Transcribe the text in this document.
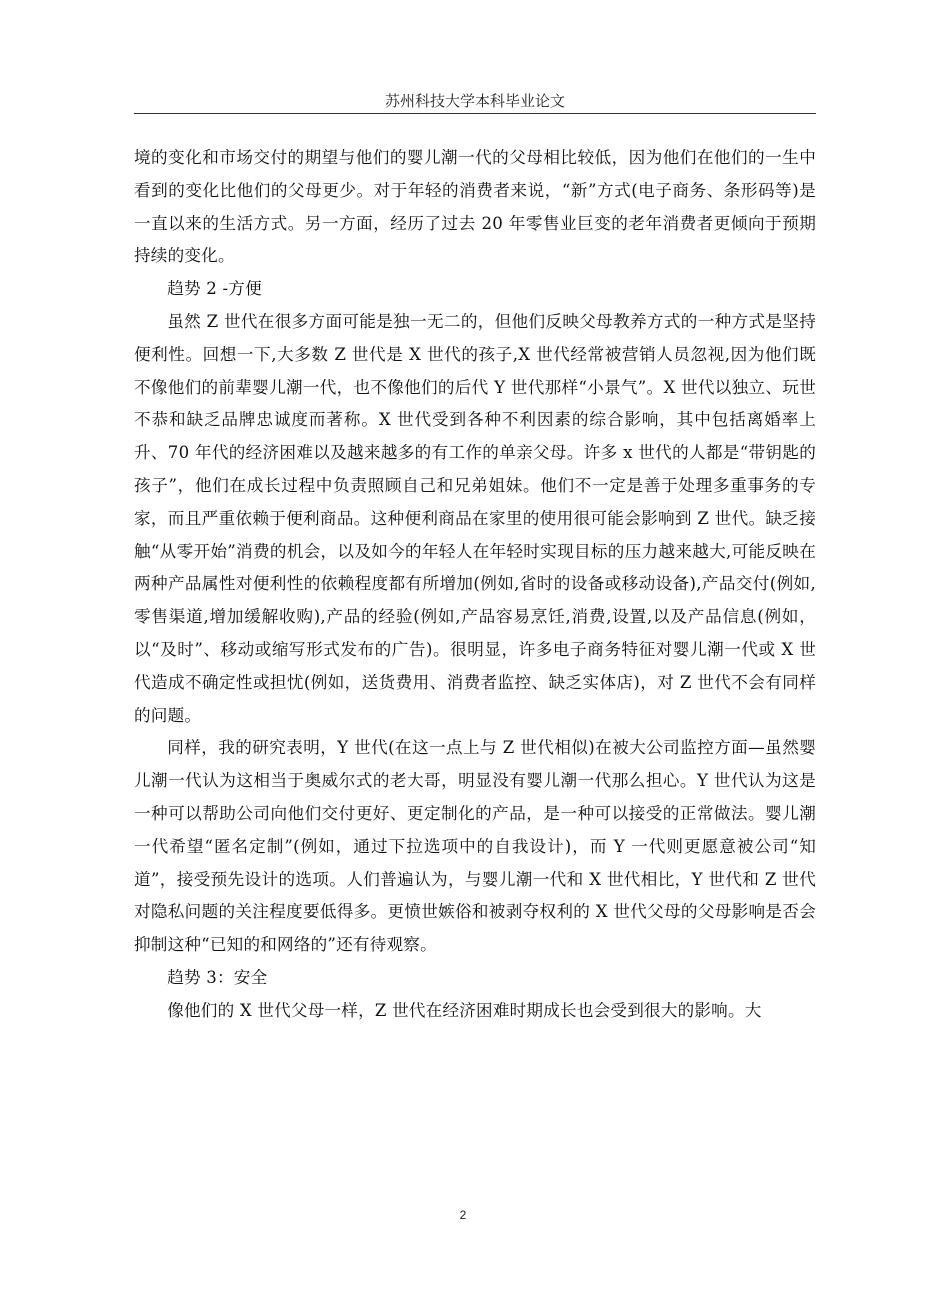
苏州科技大学本科毕业论文

境的变化和市场交付的期望与他们的婴儿潮一代的父母相比较低，因为他们在他们的一生中看到的变化比他们的父母更少。对于年轻的消费者来说，“新”方式(电子商务、条形码等)是一直以来的生活方式。另一方面，经历了过去 20 年零售业巨变的老年消费者更倾向于预期持续的变化。

趋势 2 -方便

虽然 Z 世代在很多方面可能是独一无二的，但他们反映父母教养方式的一种方式是坚持便利性。回想一下,大多数 Z 世代是 X 世代的孩子,X 世代经常被营销人员忽视,因为他们既不像他们的前辈婴儿潮一代，也不像他们的后代 Y 世代那样“小景气”。X 世代以独立、玩世不恭和缺乏品牌忠诚度而著称。X 世代受到各种不利因素的综合影响，其中包括离婚率上升、70 年代的经济困难以及越来越多的有工作的单亲父母。许多 x 世代的人都是“带钥匙的孩子”，他们在成长过程中负责照顾自己和兄弟姐妹。他们不一定是善于处理多重事务的专家，而且严重依赖于便利商品。这种便利商品在家里的使用很可能会影响到 Z 世代。缺乏接触“从零开始”消费的机会，以及如今的年轻人在年轻时实现目标的压力越来越大,可能反映在两种产品属性对便利性的依赖程度都有所增加(例如,省时的设备或移动设备),产品交付(例如,零售渠道,增加缓解收购),产品的经验(例如,产品容易烹饪,消费,设置,以及产品信息(例如，以“及时”、移动或缩写形式发布的广告)。很明显，许多电子商务特征对婴儿潮一代或 X 世代造成不确定性或担忧(例如，送货费用、消费者监控、缺乏实体店)，对 Z 世代不会有同样的问题。

同样，我的研究表明，Y 世代(在这一点上与 Z 世代相似)在被大公司监控方面—虽然婴儿潮一代认为这相当于奥威尔式的老大哥，明显没有婴儿潮一代那么担心。Y 世代认为这是一种可以帮助公司向他们交付更好、更定制化的产品，是一种可以接受的正常做法。婴儿潮一代希望“匿名定制”(例如，通过下拉选项中的自我设计)，而 Y 一代则更愿意被公司“知道”，接受预先设计的选项。人们普遍认为，与婴儿潮一代和 X 世代相比，Y 世代和 Z 世代对隐私问题的关注程度要低得多。更愤世嫉俗和被剥夺权利的 X 世代父母的父母影响是否会抑制这种“已知的和网络的”还有待观察。

趋势 3：安全

像他们的 X 世代父母一样，Z 世代在经济困难时期成长也会受到很大的影响。大

2
